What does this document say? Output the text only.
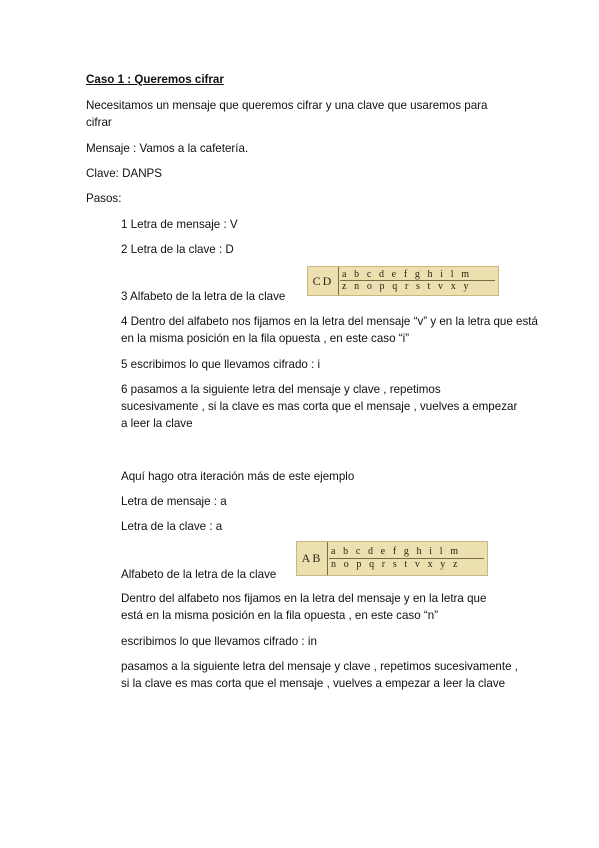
Caso 1 : Queremos cifrar
Necesitamos un mensaje que queremos cifrar y una clave que usaremos para cifrar
Mensaje : Vamos a la cafetería.
Clave: DANPS
Pasos:
1 Letra de mensaje : V
2 Letra de la clave : D
3 Alfabeto de la letra de la clave
CD a b c d e f g h i l m
z n o p q r s t v x y
4 Dentro del alfabeto nos fijamos en la letra del mensaje “v” y en la letra que está en la misma posición en la fila opuesta , en este caso “i”
5 escribimos lo que llevamos cifrado : i
6 pasamos a la siguiente letra del mensaje y clave , repetimos sucesivamente , si la clave es mas corta que el mensaje , vuelves a empezar a leer la clave
Aquí hago otra iteración más de este ejemplo
Letra de mensaje : a
Letra de la clave : a
Alfabeto de la letra de la clave
AB a b c d e f g h i l m
n o p q r s t v x y z
Dentro del alfabeto nos fijamos en la letra del mensaje y en la letra que está en la misma posición en la fila opuesta , en este caso “n”
escribimos lo que llevamos cifrado : in
pasamos a la siguiente letra del mensaje y clave , repetimos sucesivamente , si la clave es mas corta que el mensaje , vuelves a empezar a leer la clave
